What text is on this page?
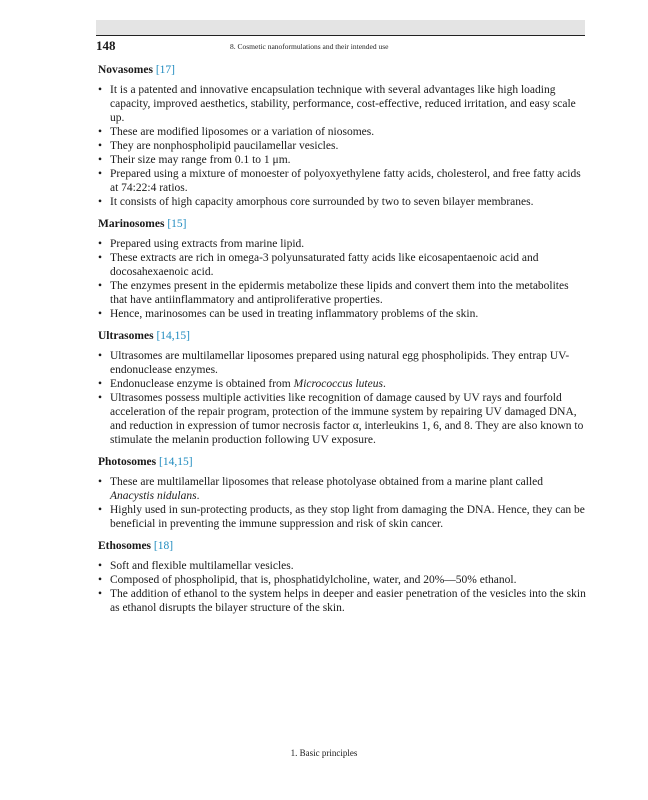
148	8. Cosmetic nanoformulations and their intended use
Novasomes [17]
• It is a patented and innovative encapsulation technique with several advantages like high loading capacity, improved aesthetics, stability, performance, cost-effective, reduced irritation, and easy scale up.
• These are modified liposomes or a variation of niosomes.
• They are nonphospholipid paucilamellar vesicles.
• Their size may range from 0.1 to 1 μm.
• Prepared using a mixture of monoester of polyoxyethylene fatty acids, cholesterol, and free fatty acids at 74:22:4 ratios.
• It consists of high capacity amorphous core surrounded by two to seven bilayer membranes.
Marinosomes [15]
• Prepared using extracts from marine lipid.
• These extracts are rich in omega-3 polyunsaturated fatty acids like eicosapentaenoic acid and docosahexaenoic acid.
• The enzymes present in the epidermis metabolize these lipids and convert them into the metabolites that have antiinflammatory and antiproliferative properties.
• Hence, marinosomes can be used in treating inflammatory problems of the skin.
Ultrasomes [14,15]
• Ultrasomes are multilamellar liposomes prepared using natural egg phospholipids. They entrap UV-endonuclease enzymes.
• Endonuclease enzyme is obtained from Micrococcus luteus.
• Ultrasomes possess multiple activities like recognition of damage caused by UV rays and fourfold acceleration of the repair program, protection of the immune system by repairing UV damaged DNA, and reduction in expression of tumor necrosis factor α, interleukins 1, 6, and 8. They are also known to stimulate the melanin production following UV exposure.
Photosomes [14,15]
• These are multilamellar liposomes that release photolyase obtained from a marine plant called Anacystis nidulans.
• Highly used in sun-protecting products, as they stop light from damaging the DNA. Hence, they can be beneficial in preventing the immune suppression and risk of skin cancer.
Ethosomes [18]
• Soft and flexible multilamellar vesicles.
• Composed of phospholipid, that is, phosphatidylcholine, water, and 20%—50% ethanol.
• The addition of ethanol to the system helps in deeper and easier penetration of the vesicles into the skin as ethanol disrupts the bilayer structure of the skin.
1. Basic principles
